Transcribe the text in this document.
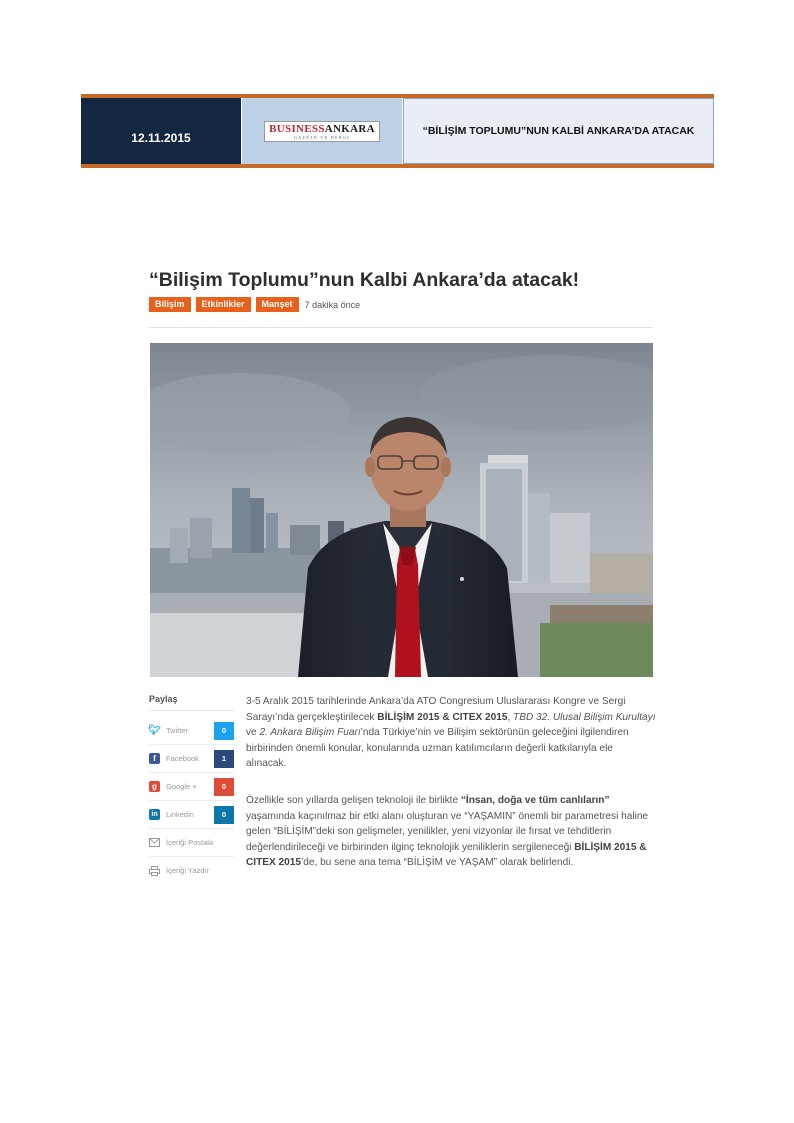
12.11.2015
BUSINESSANKARA
GAZETE VE DERGI	“BİLİŞİM TOPLUMU”NUN KALBİ ANKARA’DA ATACAK
“Bilişim Toplumu”nun Kalbi Ankara’da atacak!
Bilişim	Etkinlikler	Manşet	7 dakika önce
Paylaş
🐦︎ Twitter	0
f	Facebook	1
g	Google +	0
in	Linkedin	0
İçeriği Postala
İçeriği Yazdır

3-5 Aralık 2015 tarihlerinde Ankara’da ATO Congresium Uluslararası Kongre ve Sergi Sarayı’nda gerçekleştirilecek BİLİŞİM 2015 & CITEX 2015, TBD 32. Ulusal Bilişim Kurultayı ve 2. Ankara Bilişim Fuarı’nda Türkiye’nin ve Bilişim sektörünün geleceğini ilgilendiren birbirinden önemli konular, konularında uzman katılımcıların değerli katkılarıyla ele alınacak.

Özellikle son yıllarda gelişen teknoloji ile birlikte “İnsan, doğa ve tüm canlıların” yaşamında kaçınılmaz bir etki alanı oluşturan ve “YAŞAMIN” önemli bir parametresi haline gelen “BİLİŞİM”deki son gelişmeler, yenilikler, yeni vizyonlar ile fırsat ve tehditlerin değerlendirileceği ve birbirinden ilginç teknolojik yeniliklerin sergileneceği BİLİŞİM 2015 & CITEX 2015’de, bu sene ana tema “BİLİŞİM ve YAŞAM” olarak belirlendi.
